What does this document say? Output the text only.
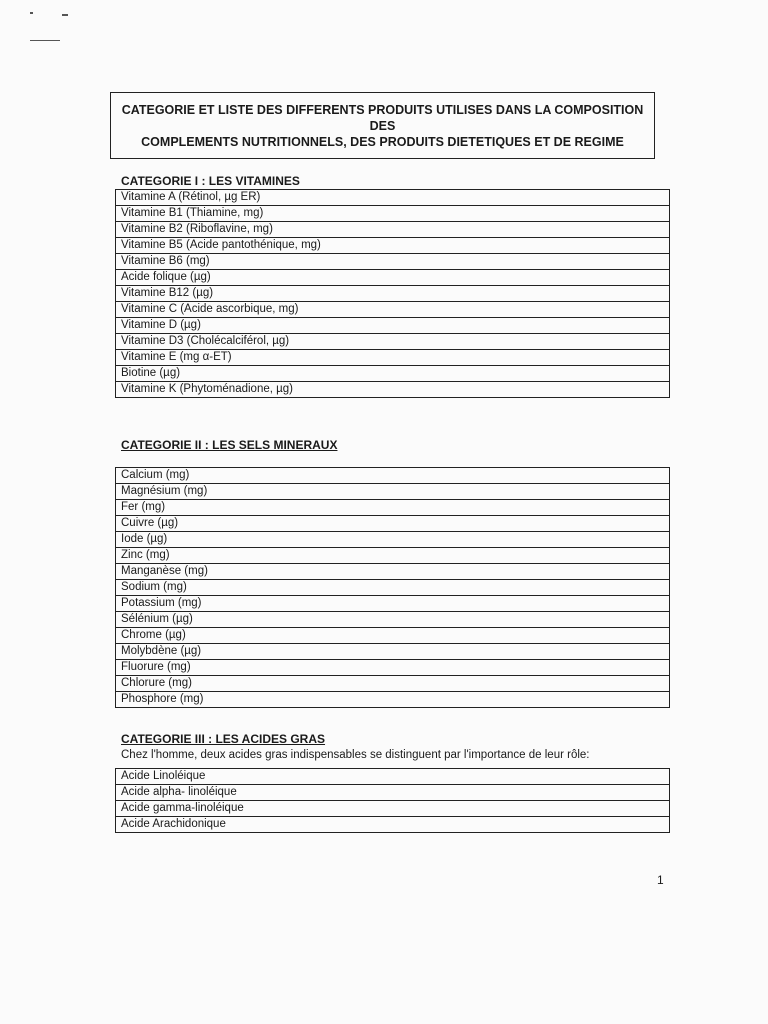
CATEGORIE ET LISTE DES DIFFERENTS PRODUITS UTILISES DANS LA COMPOSITION DES
COMPLEMENTS NUTRITIONNELS, DES PRODUITS DIETETIQUES ET DE REGIME
CATEGORIE I : LES VITAMINES
Vitamine A (Rétinol, µg ER)
Vitamine B1 (Thiamine, mg)
Vitamine B2 (Riboflavine, mg)
Vitamine B5 (Acide pantothénique, mg)
Vitamine B6 (mg)
Acide folique (µg)
Vitamine B12 (µg)
Vitamine C (Acide ascorbique, mg)
Vitamine D (µg)
Vitamine D3 (Cholécalciférol, µg)
Vitamine E (mg α-ET)
Biotine (µg)
Vitamine K (Phytoménadione, µg)
CATEGORIE II : LES SELS MINERAUX
Calcium (mg)
Magnésium (mg)
Fer (mg)
Cuivre (µg)
Iode (µg)
Zinc (mg)
Manganèse (mg)
Sodium (mg)
Potassium (mg)
Sélénium (µg)
Chrome (µg)
Molybdène (µg)
Fluorure (mg)
Chlorure (mg)
Phosphore (mg)
CATEGORIE III : LES ACIDES GRAS
Chez l'homme, deux acides gras indispensables se distinguent par l'importance de leur rôle:
Acide Linoléique
Acide alpha- linoléique
Acide gamma-linoléique
Acide Arachidonique
1
